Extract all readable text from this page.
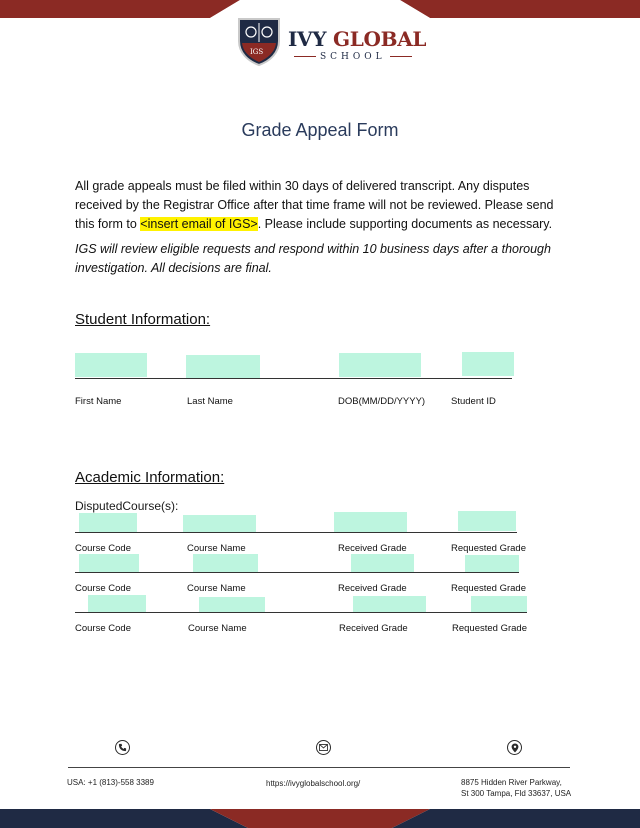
IGS
IVY GLOBAL
SCHOOL
Grade Appeal Form
All grade appeals must be filed within 30 days of delivered transcript. Any disputes received by the Registrar Office after that time frame will not be reviewed. Please send this form to <insert email of IGS>. Please include supporting documents as necessary.
IGS will review eligible requests and respond within 10 business days after a thorough investigation. All decisions are final.
Student Information:
First Name	Last Name	DOB(MM/DD/YYYY)	Student ID
Academic Information:
DisputedCourse(s):
Course Code	Course Name	Received Grade	Requested Grade
Course Code	Course Name	Received Grade	Requested Grade
Course Code	Course Name	Received Grade	Requested Grade
USA: +1 (813)-558 3389	https://ivyglobalschool.org/	8875 Hidden River Parkway,
St 300 Tampa, Fld 33637, USA
